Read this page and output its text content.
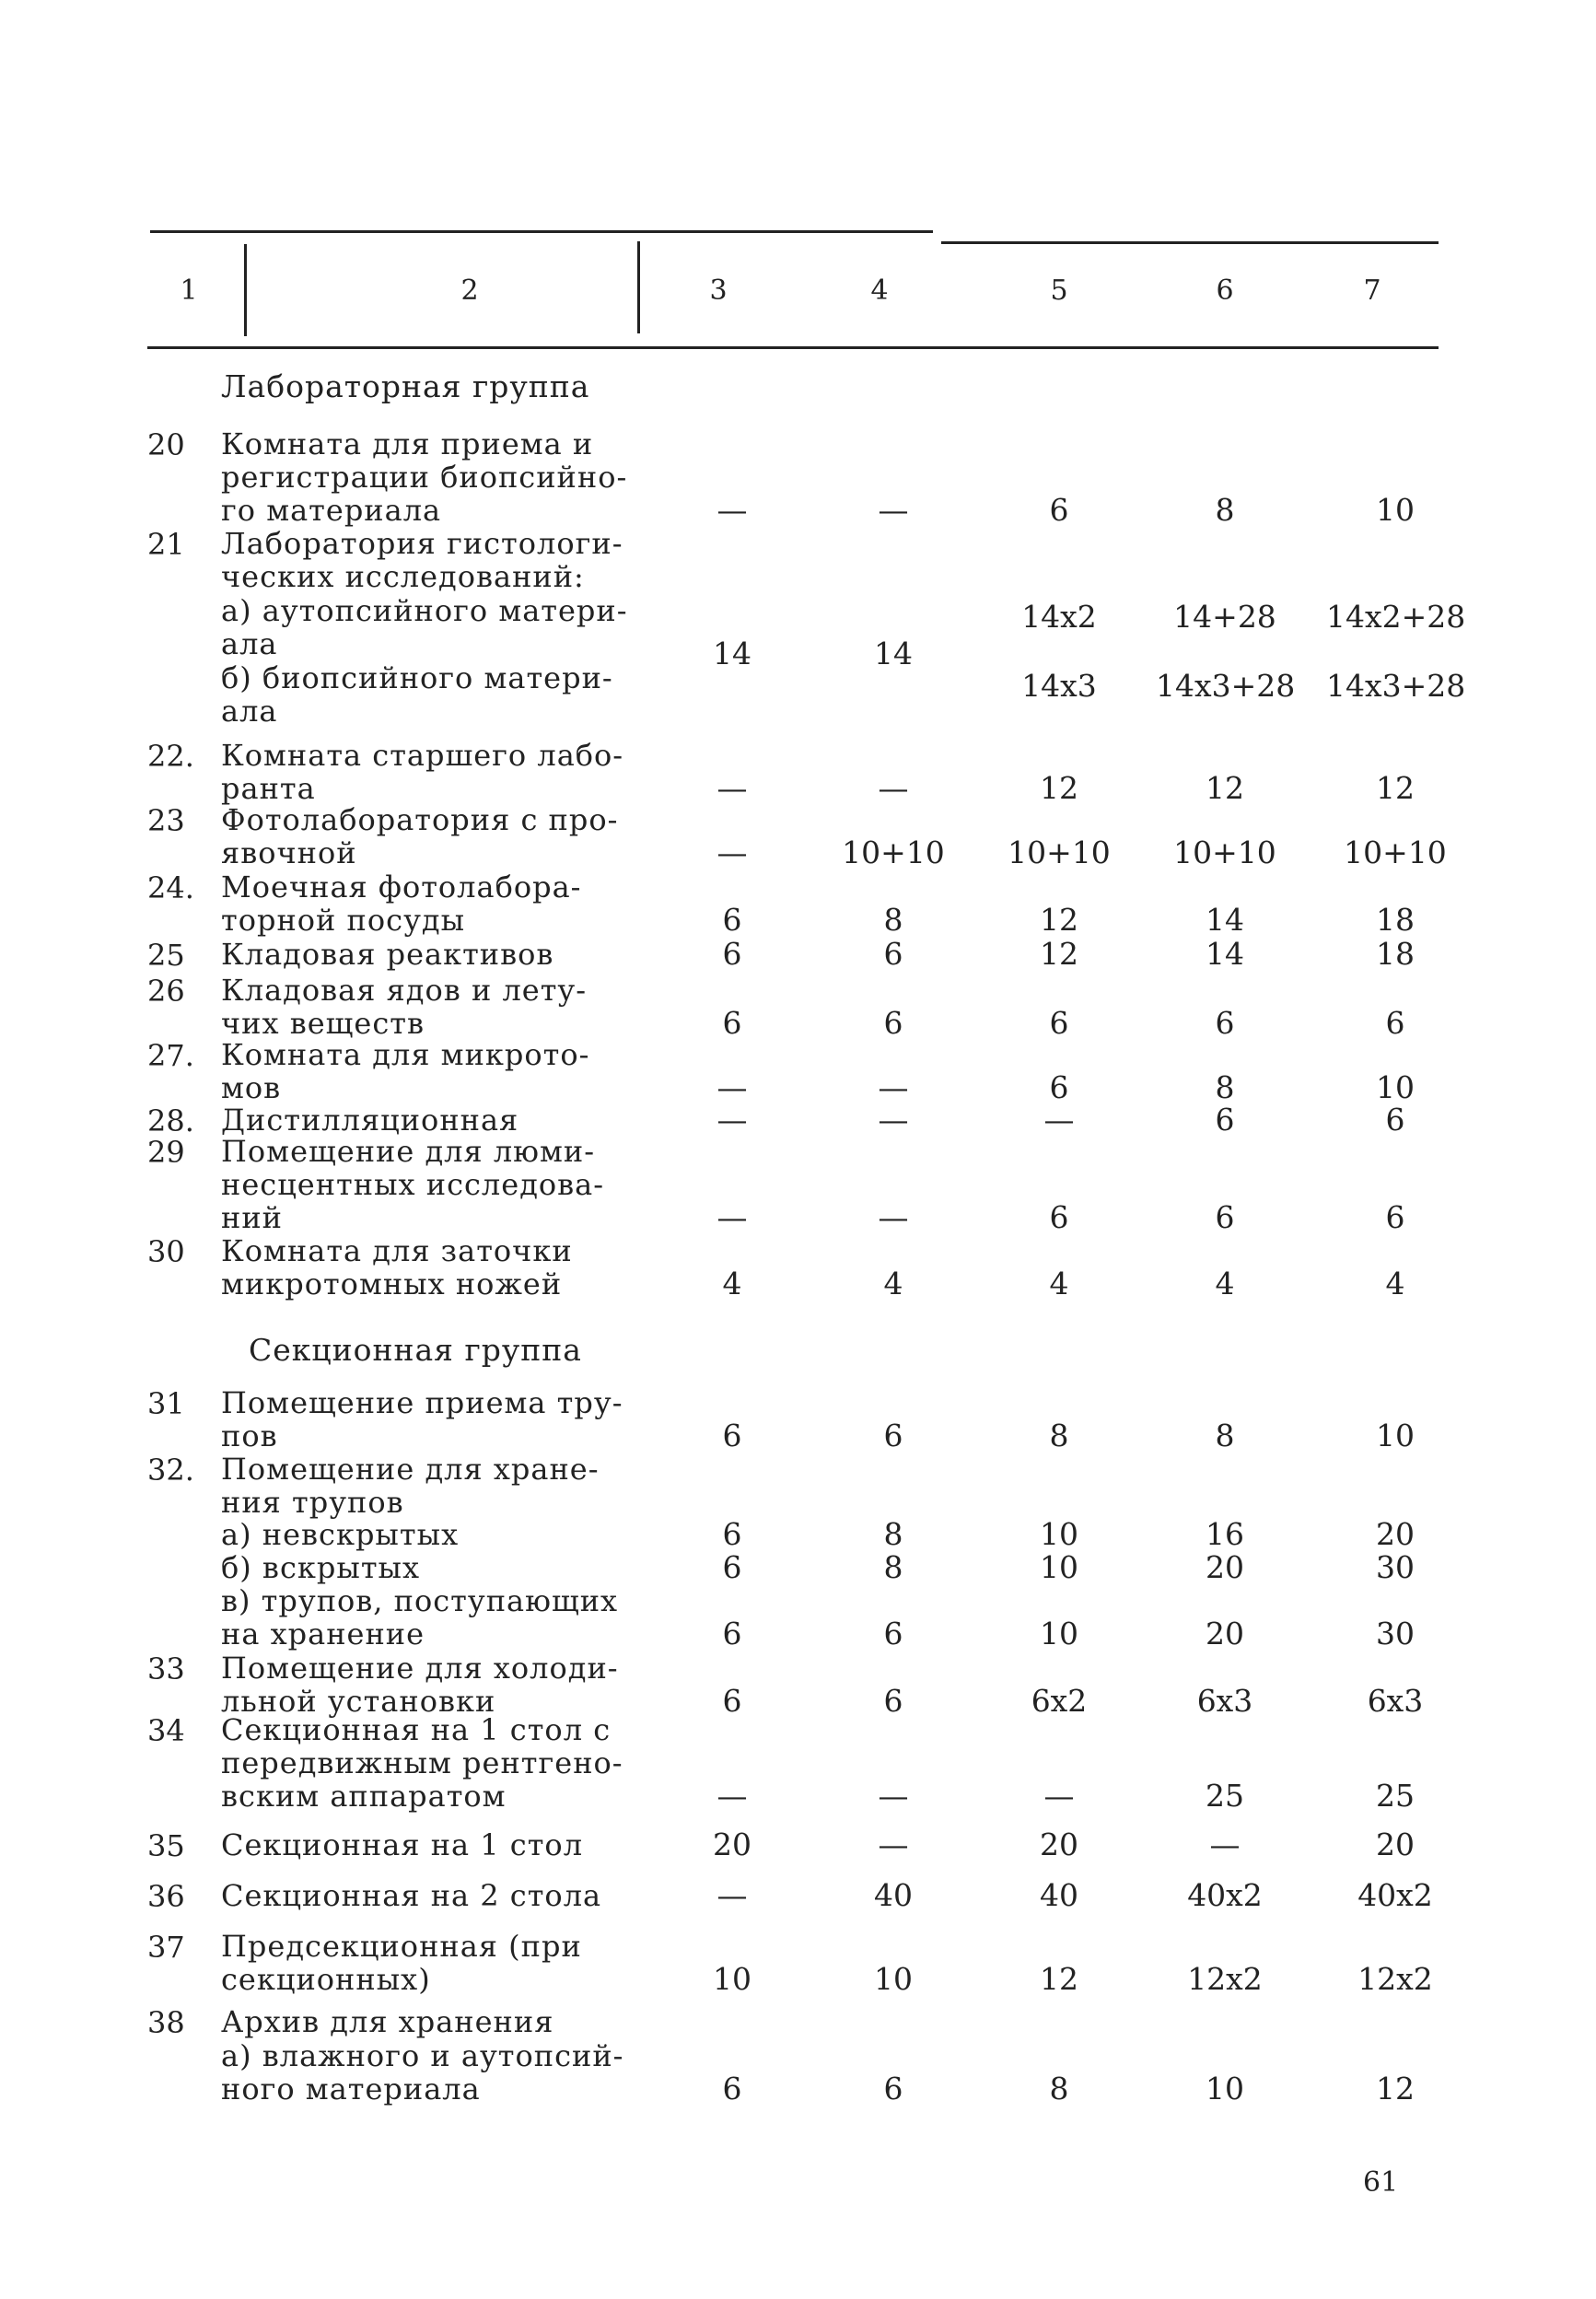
1	2	3	4	5	6	7
Лабораторная группа
Секционная группа
20 Комната для приема и
регистрации биопсийно-
го материала	—	—	6	8	10
21 Лаборатория гистологи-
ческих исследований:
а) аутопсийного матери-
ала	14	14
14x2	14+28	14x2+28
б) биопсийного матери-
ала
14x3	14x3+28 14x3+28
22. Комната старшего лабо-
ранта	—	—	12	12	12
23 Фотолаборатория с про-
явочной	—	10+10	10+10	10+10	10+10
24. Моечная фотолабора-
торной посуды	6	8	12	14	18
25 Кладовая реактивов	6	6	12	14	18
26 Кладовая ядов и лету-
чих веществ	6	6	6	6	6
27. Комната для микрото-
мов	—	—	6	8	10
28. Дистилляционная	—	—	—	6	6
29 Помещение для люми-
несцентных исследова-
ний	—	—	6	6	6
30 Комната для заточки
микротомных ножей	4	4	4	4	4
31 Помещение приема тру-
пов	6	6	8	8	10
32. Помещение для хране-
ния трупов
а) невскрытых	6	8	10	16	20
б) вскрытых	6	8	10	20	30
в) трупов, поступающих
на хранение	6	6	10	20	30
33 Помещение для холоди-
льной установки	6	6	6x2	6x3	6x3
34 Секционная на 1 стол с
передвижным рентгено-
вским аппаратом	—	—	—	25	25
35 Секционная на 1 стол	20	—	20	—	20
36 Секционная на 2 стола	—	40	40	40x2	40x2
37 Предсекционная (при
секционных)	10	10	12	12x2	12x2
38 Архив для хранения
а) влажного и аутопсий-
ного материала	6	6	8	10	12
61
